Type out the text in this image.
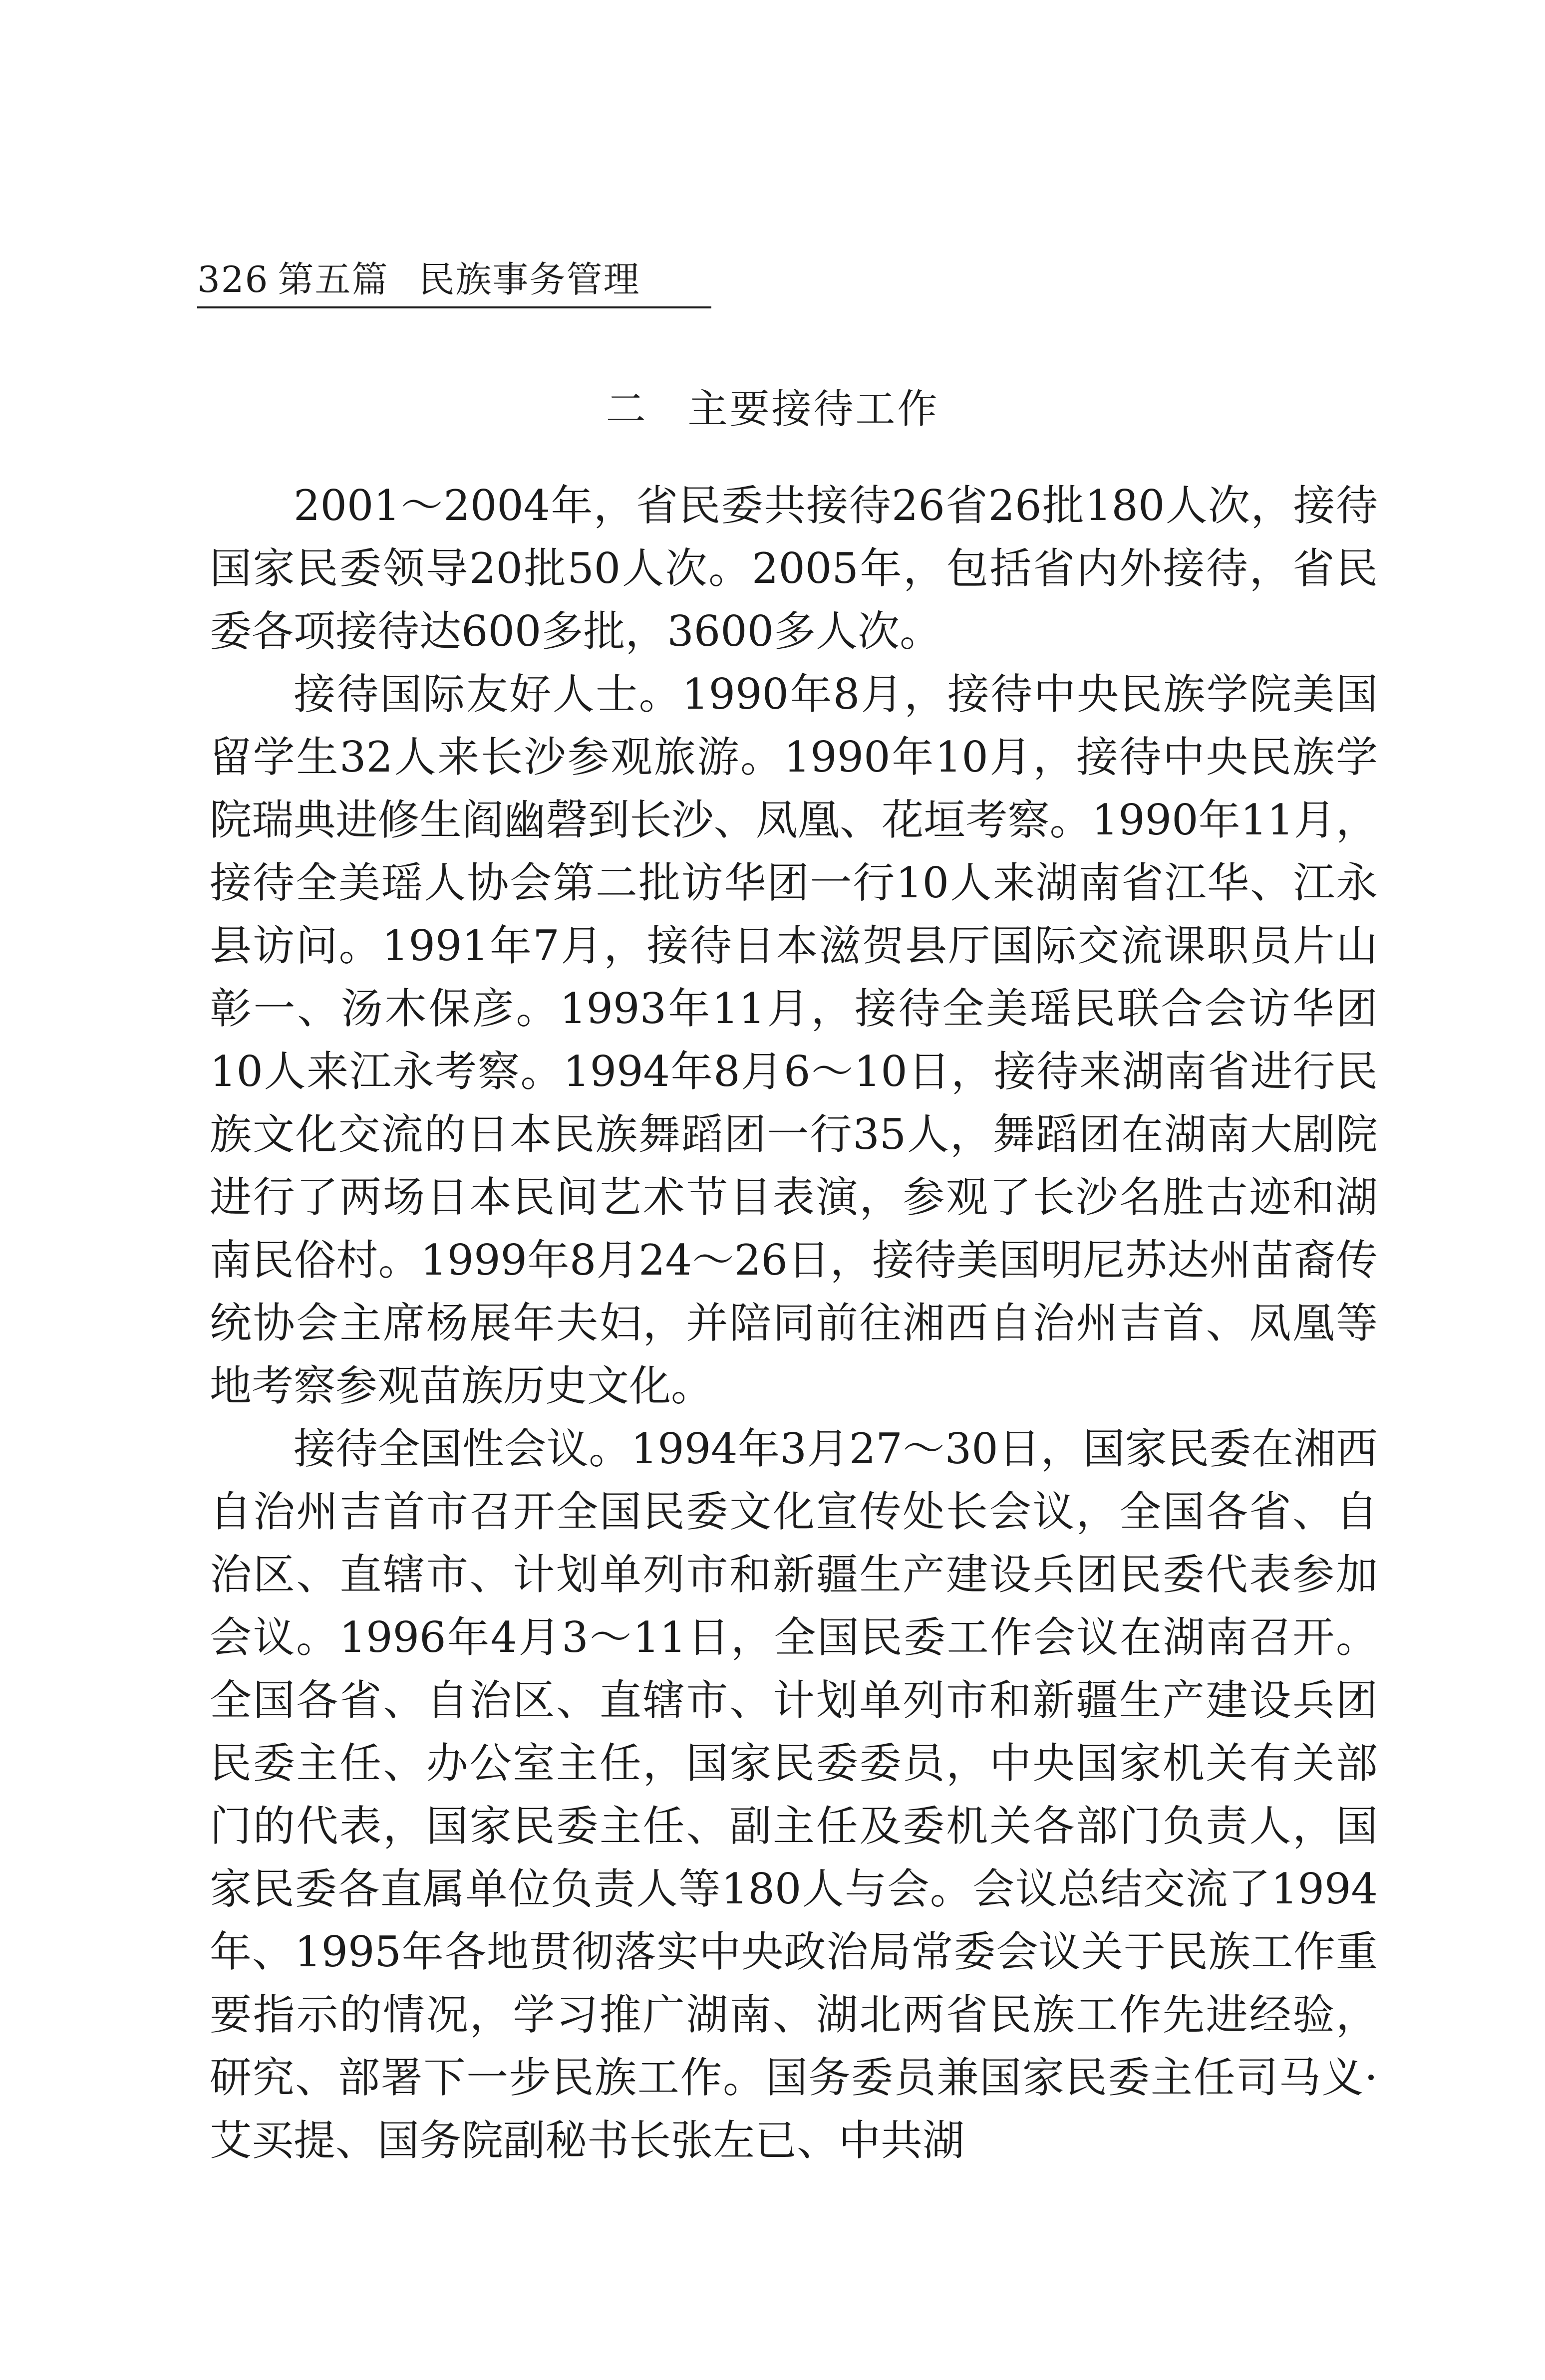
326 第五篇 民族事务管理
二 主要接待工作

2001～2004年，省民委共接待26省26批180人次，接待国家民委领导20批50人次。2005年，包括省内外接待，省民委各项接待达600多批，3600多人次。

接待国际友好人士。1990年8月，接待中央民族学院美国留学生32人来长沙参观旅游。1990年10月，接待中央民族学院瑞典进修生阎幽磬到长沙、凤凰、花垣考察。1990年11月，接待全美瑶人协会第二批访华团一行10人来湖南省江华、江永县访问。1991年7月，接待日本滋贺县厅国际交流课职员片山彰一、汤木保彦。1993年11月，接待全美瑶民联合会访华团10人来江永考察。1994年8月6～10日，接待来湖南省进行民族文化交流的日本民族舞蹈团一行35人，舞蹈团在湖南大剧院进行了两场日本民间艺术节目表演，参观了长沙名胜古迹和湖南民俗村。1999年8月24～26日，接待美国明尼苏达州苗裔传统协会主席杨展年夫妇，并陪同前往湘西自治州吉首、凤凰等地考察参观苗族历史文化。

接待全国性会议。1994年3月27～30日，国家民委在湘西自治州吉首市召开全国民委文化宣传处长会议，全国各省、自治区、直辖市、计划单列市和新疆生产建设兵团民委代表参加会议。1996年4月3～11日，全国民委工作会议在湖南召开。全国各省、自治区、直辖市、计划单列市和新疆生产建设兵团民委主任、办公室主任，国家民委委员，中央国家机关有关部门的代表，国家民委主任、副主任及委机关各部门负责人，国家民委各直属单位负责人等180人与会。会议总结交流了1994年、1995年各地贯彻落实中央政治局常委会议关于民族工作重要指示的情况，学习推广湖南、湖北两省民族工作先进经验，研究、部署下一步民族工作。国务委员兼国家民委主任司马义·艾买提、国务院副秘书长张左已、中共湖
